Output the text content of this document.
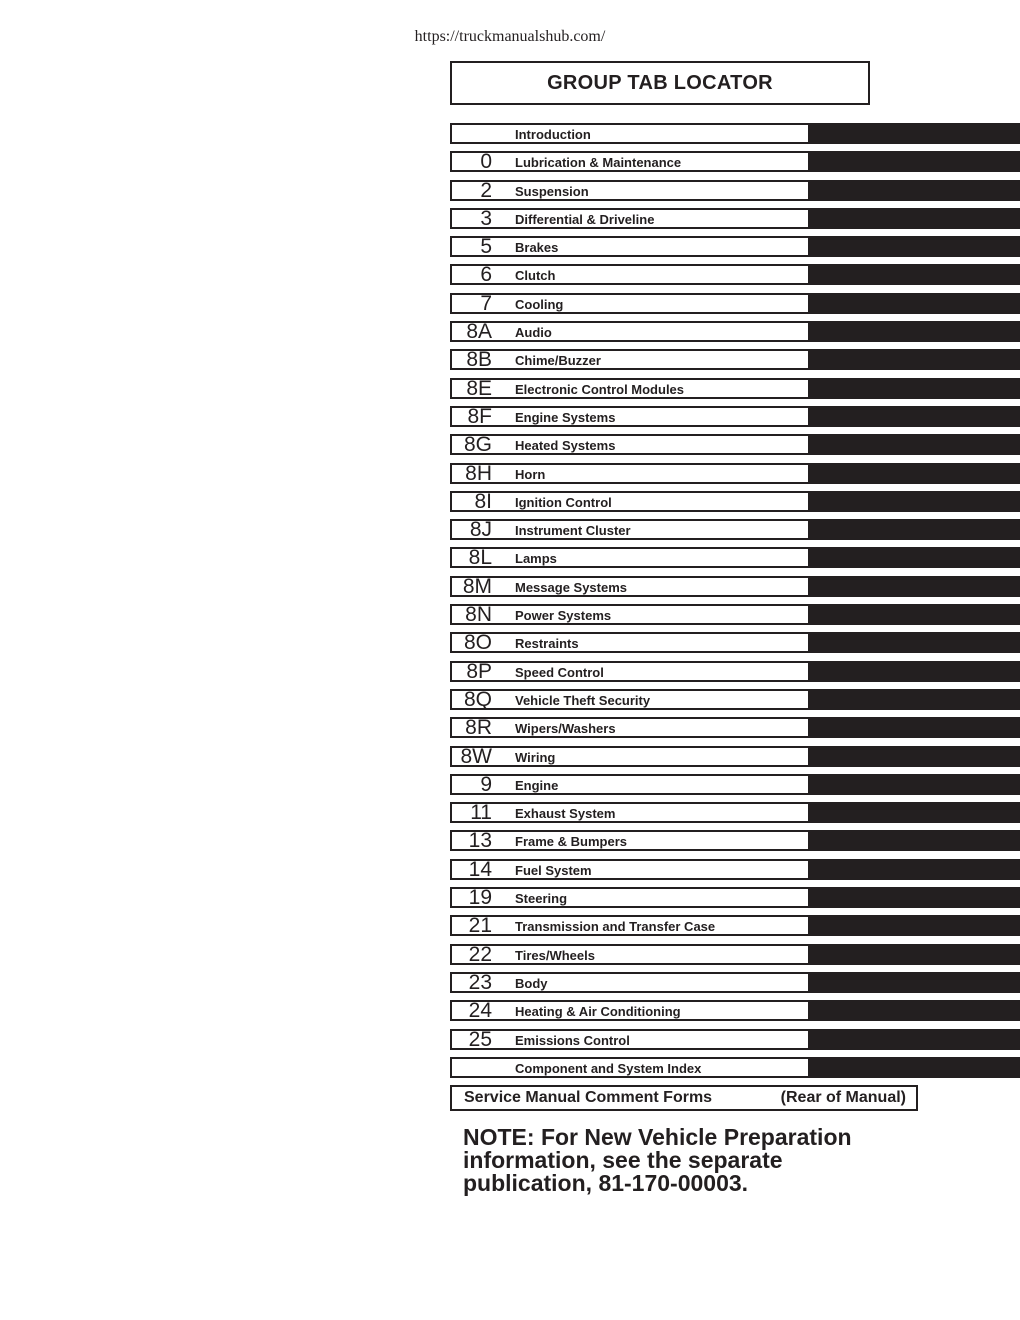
https://truckmanualshub.com/
GROUP TAB LOCATOR
Introduction
0 Lubrication & Maintenance
2 Suspension
3 Differential & Driveline
5 Brakes
6 Clutch
7 Cooling
8A Audio
8B Chime/Buzzer
8E Electronic Control Modules
8F Engine Systems
8G Heated Systems
8H Horn
8I Ignition Control
8J Instrument Cluster
8L Lamps
8M Message Systems
8N Power Systems
8O Restraints
8P Speed Control
8Q Vehicle Theft Security
8R Wipers/Washers
8W Wiring
9 Engine
11 Exhaust System
13 Frame & Bumpers
14 Fuel System
19 Steering
21 Transmission and Transfer Case
22 Tires/Wheels
23 Body
24 Heating & Air Conditioning
25 Emissions Control
Component and System Index
Service Manual Comment Forms	(Rear of Manual)
NOTE: For New Vehicle Preparation information, see the separate publication, 81-170-00003.
